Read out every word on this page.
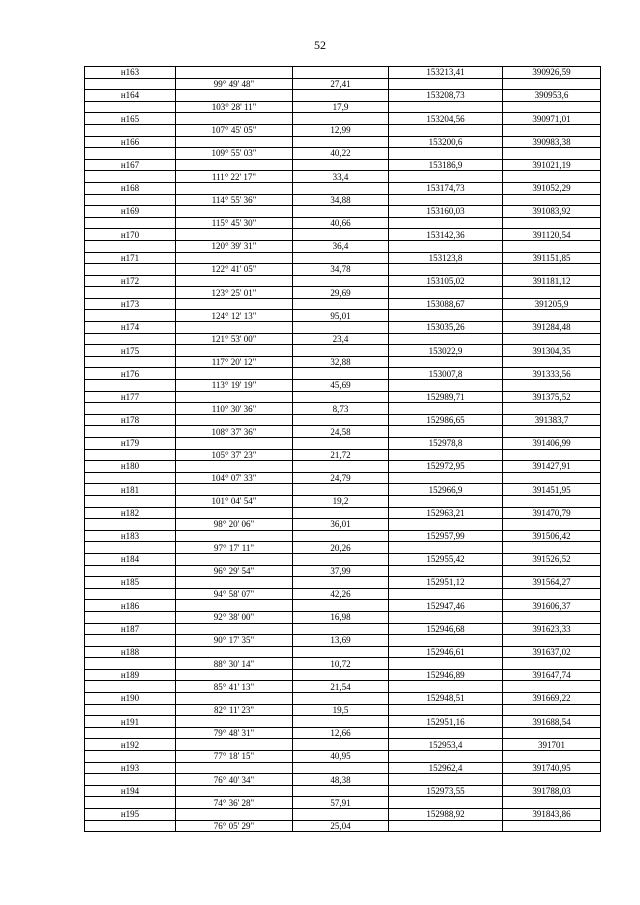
52
н163			153213,41	390926,59
	99° 49' 48"	27,41		
н164			153208,73	390953,6
	103° 28' 11"	17,9		
н165			153204,56	390971,01
	107° 45' 05"	12,99		
н166			153200,6	390983,38
	109° 55' 03"	40,22		
н167			153186,9	391021,19
	111° 22' 17"	33,4		
н168			153174,73	391052,29
	114° 55' 36"	34,88		
н169			153160,03	391083,92
	115° 45' 30"	40,66		
н170			153142,36	391120,54
	120° 39' 31"	36,4		
н171			153123,8	391151,85
	122° 41' 05"	34,78		
н172			153105,02	391181,12
	123° 25' 01"	29,69		
н173			153088,67	391205,9
	124° 12' 13"	95,01		
н174			153035,26	391284,48
	121° 53' 00"	23,4		
н175			153022,9	391304,35
	117° 20' 12"	32,88		
н176			153007,8	391333,56
	113° 19' 19"	45,69		
н177			152989,71	391375,52
	110° 30' 36"	8,73		
н178			152986,65	391383,7
	108° 37' 36"	24,58		
н179			152978,8	391406,99
	105° 37' 23"	21,72		
н180			152972,95	391427,91
	104° 07' 33"	24,79		
н181			152966,9	391451,95
	101° 04' 54"	19,2		
н182			152963,21	391470,79
	98° 20' 06"	36,01		
н183			152957,99	391506,42
	97° 17' 11"	20,26		
н184			152955,42	391526,52
	96° 29' 54"	37,99		
н185			152951,12	391564,27
	94° 58' 07"	42,26		
н186			152947,46	391606,37
	92° 38' 00"	16,98		
н187			152946,68	391623,33
	90° 17' 35"	13,69		
н188			152946,61	391637,02
	88° 30' 14"	10,72		
н189			152946,89	391647,74
	85° 41' 13"	21,54		
н190			152948,51	391669,22
	82° 11' 23"	19,5		
н191			152951,16	391688,54
	79° 48' 31"	12,66		
н192			152953,4	391701
	77° 18' 15"	40,95		
н193			152962,4	391740,95
	76° 40' 34"	48,38		
н194			152973,55	391788,03
	74° 36' 28"	57,91		
н195			152988,92	391843,86
	76° 05' 29"	25,04		
